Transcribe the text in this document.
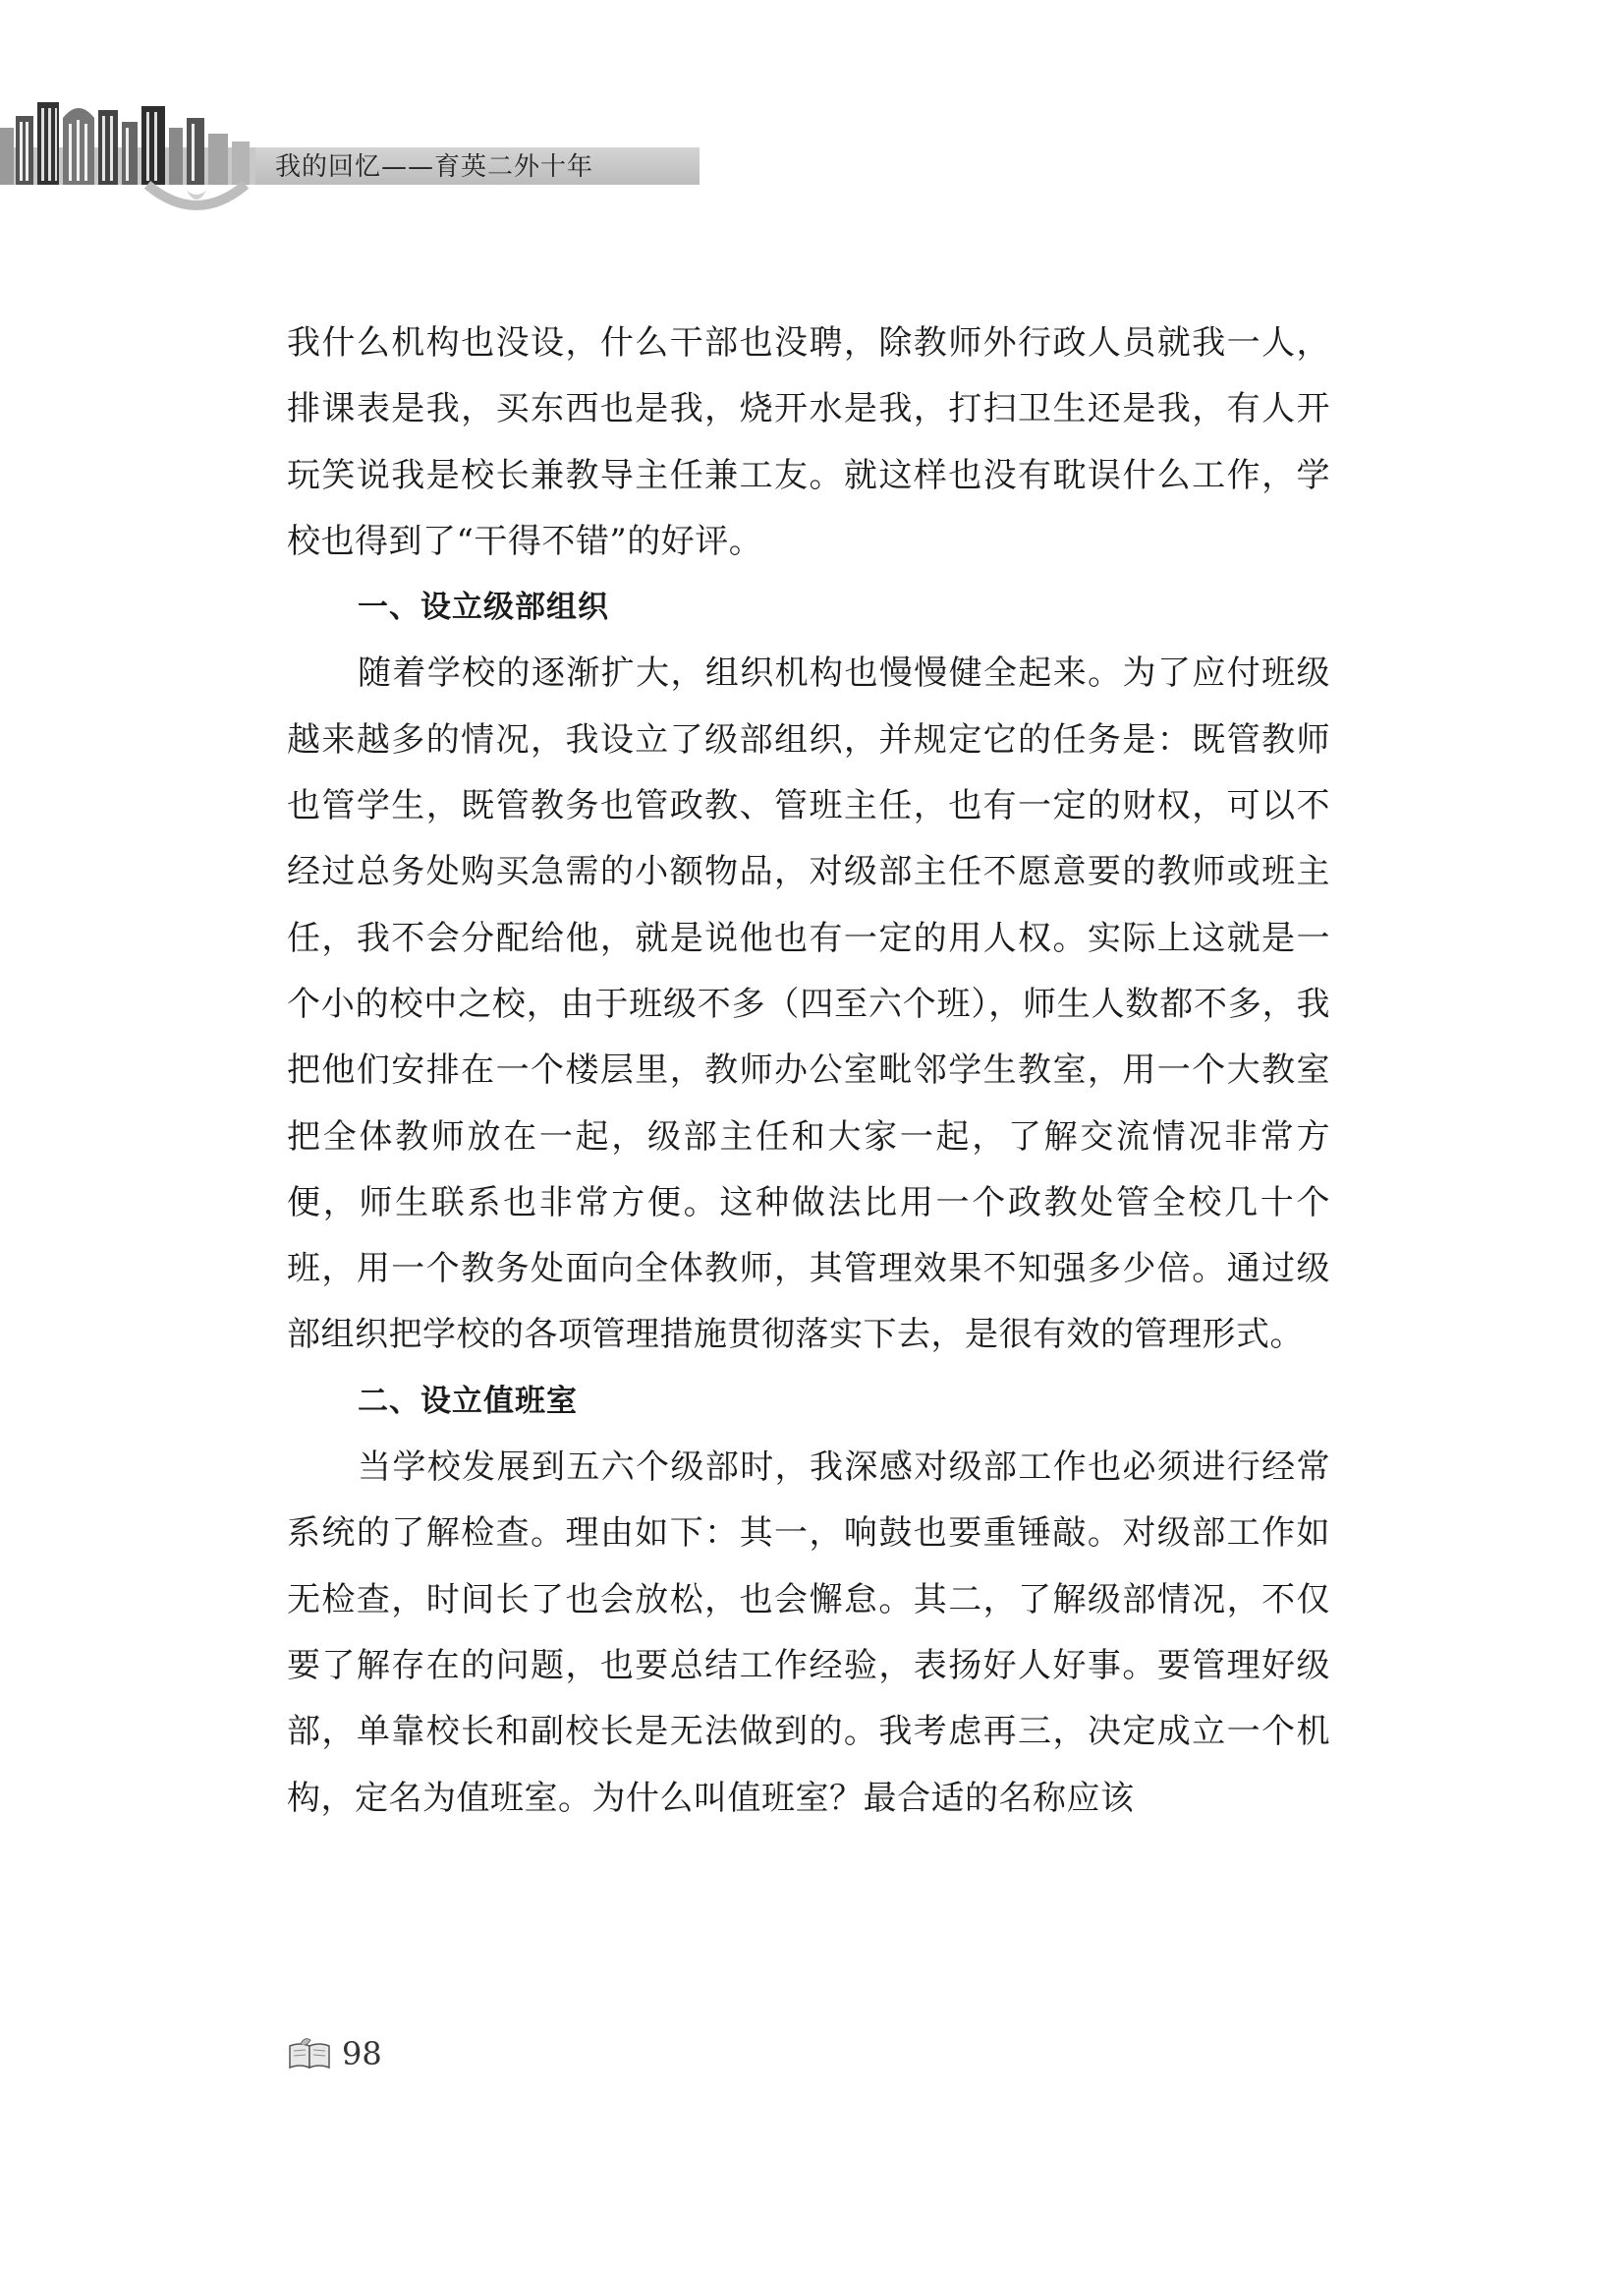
我的回忆——育英二外十年

我什么机构也没设，什么干部也没聘，除教师外行政人员就我一人，排课表是我，买东西也是我，烧开水是我，打扫卫生还是我，有人开玩笑说我是校长兼教导主任兼工友。就这样也没有耽误什么工作，学校也得到了“干得不错”的好评。

一、设立级部组织

随着学校的逐渐扩大，组织机构也慢慢健全起来。为了应付班级越来越多的情况，我设立了级部组织，并规定它的任务是：既管教师也管学生，既管教务也管政教、管班主任，也有一定的财权，可以不经过总务处购买急需的小额物品，对级部主任不愿意要的教师或班主任，我不会分配给他，就是说他也有一定的用人权。实际上这就是一个小的校中之校，由于班级不多（四至六个班），师生人数都不多，我把他们安排在一个楼层里，教师办公室毗邻学生教室，用一个大教室把全体教师放在一起，级部主任和大家一起，了解交流情况非常方便，师生联系也非常方便。这种做法比用一个政教处管全校几十个班，用一个教务处面向全体教师，其管理效果不知强多少倍。通过级部组织把学校的各项管理措施贯彻落实下去，是很有效的管理形式。

二、设立值班室

当学校发展到五六个级部时，我深感对级部工作也必须进行经常系统的了解检查。理由如下：其一，响鼓也要重锤敲。对级部工作如无检查，时间长了也会放松，也会懈怠。其二，了解级部情况，不仅要了解存在的问题，也要总结工作经验，表扬好人好事。要管理好级部，单靠校长和副校长是无法做到的。我考虑再三，决定成立一个机构，定名为值班室。为什么叫值班室？最合适的名称应该

98
